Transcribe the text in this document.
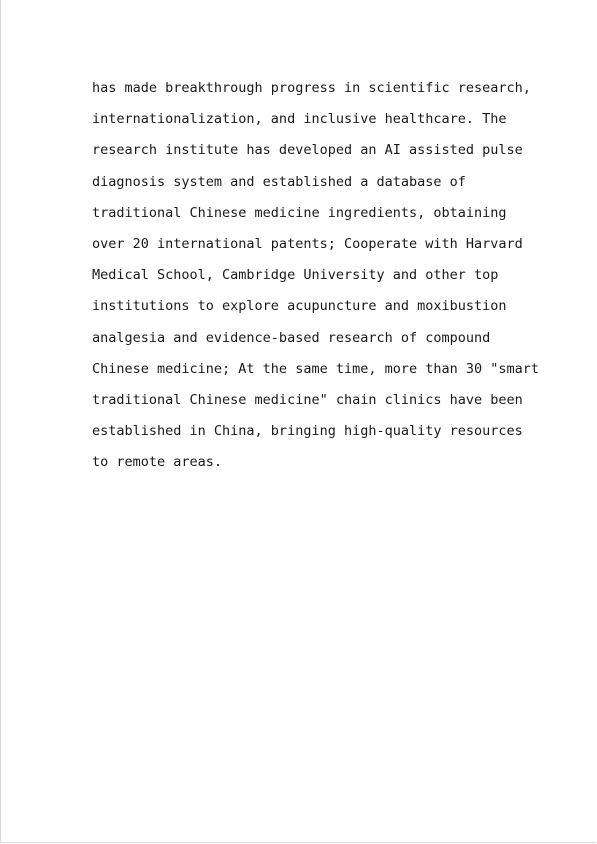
has made breakthrough progress in scientific research,
internationalization, and inclusive healthcare. The
research institute has developed an AI assisted pulse
diagnosis system and established a database of
traditional Chinese medicine ingredients, obtaining
over 20 international patents; Cooperate with Harvard
Medical School, Cambridge University and other top
institutions to explore acupuncture and moxibustion
analgesia and evidence-based research of compound
Chinese medicine; At the same time, more than 30 "smart
traditional Chinese medicine" chain clinics have been
established in China, bringing high-quality resources
to remote areas.
